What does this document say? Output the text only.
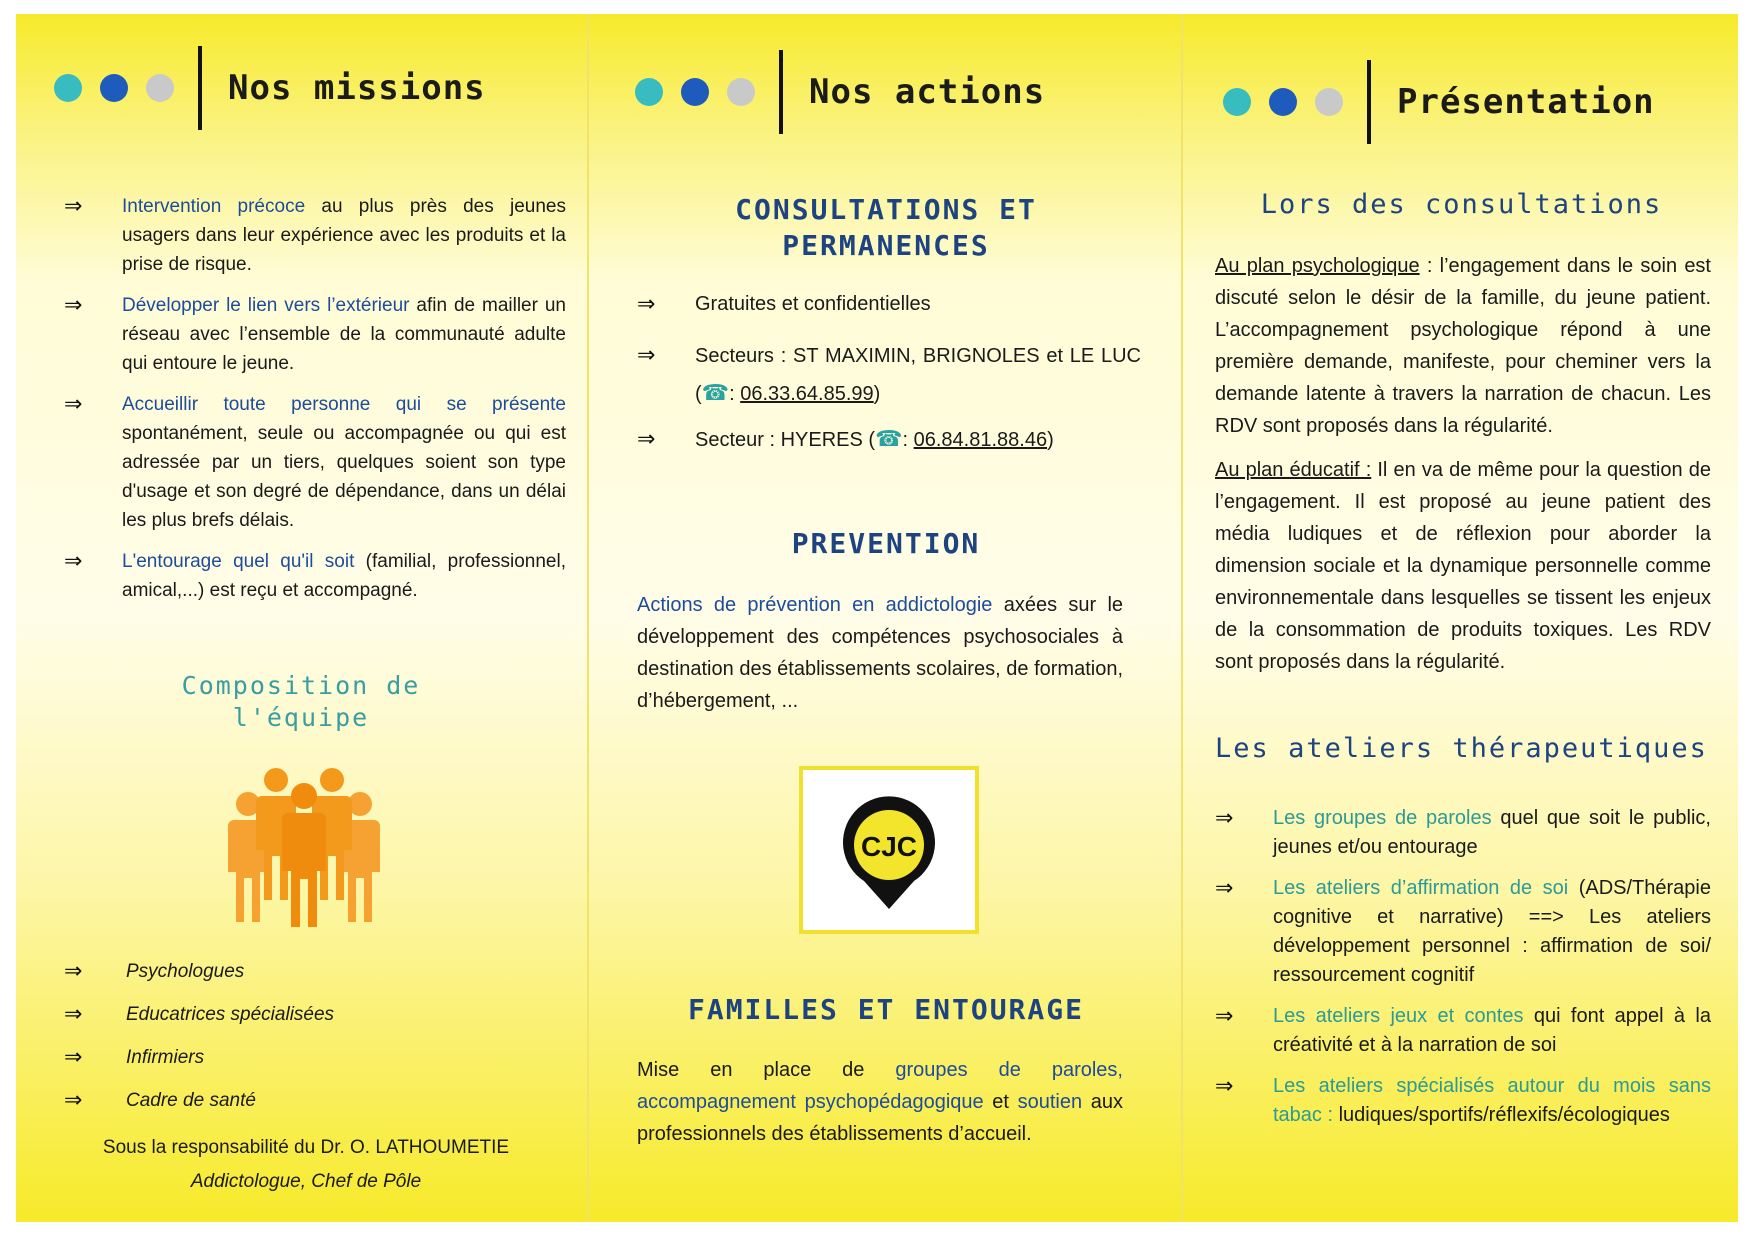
Nos missions
⇒ Intervention précoce au plus près des jeunes usagers dans leur expérience avec les produits et la prise de risque.
⇒ Développer le lien vers l’extérieur afin de mailler un réseau avec l’ensemble de la communauté adulte qui entoure le jeune.
⇒ Accueillir toute personne qui se présente spontanément, seule ou accompagnée ou qui est adressée par un tiers, quelques soient son type d'usage et son degré de dépendance, dans un délai les plus brefs délais.
⇒ L'entourage quel qu'il soit (familial, professionnel, amical,...) est reçu et accompagné.
Composition de
l'équipe
⇒ Psychologues
⇒ Educatrices spécialisées
⇒ Infirmiers
⇒ Cadre de santé
Sous la responsabilité du Dr. O. LATHOUMETIE
Addictologue, Chef de Pôle
Nos actions
CONSULTATIONS ET
PERMANENCES
⇒ Gratuites et confidentielles
⇒ Secteurs : ST MAXIMIN, BRIGNOLES et LE LUC (☎: 06.33.64.85.99)
⇒ Secteur : HYERES (☎: 06.84.81.88.46)
PREVENTION

Actions de prévention en addictologie axées sur le développement des compétences psychosociales à destination des établissements scolaires, de formation, d’hébergement, ...

CJC
FAMILLES ET ENTOURAGE

Mise en place de groupes de paroles, accompagnement psychopédagogique et soutien aux professionnels des établissements d’accueil.

Présentation
Lors des consultations

Au plan psychologique : l’engagement dans le soin est discuté selon le désir de la famille, du jeune patient. L’accompagnement psychologique répond à une première demande, manifeste, pour cheminer vers la demande latente à travers la narration de chacun. Les RDV sont proposés dans la régularité.

Au plan éducatif : Il en va de même pour la question de l’engagement. Il est proposé au jeune patient des média ludiques et de réflexion pour aborder la dimension sociale et la dynamique personnelle comme environnementale dans lesquelles se tissent les enjeux de la consommation de produits toxiques. Les RDV sont proposés dans la régularité.

Les ateliers thérapeutiques
⇒ Les groupes de paroles quel que soit le public, jeunes et/ou entourage
⇒ Les ateliers d’affirmation de soi (ADS/Thérapie cognitive et narrative) ==> Les ateliers développement personnel : affirmation de soi/ ressourcement cognitif
⇒ Les ateliers jeux et contes qui font appel à la créativité et à la narration de soi
⇒ Les ateliers spécialisés autour du mois sans tabac : ludiques/sportifs/réflexifs/écologiques
